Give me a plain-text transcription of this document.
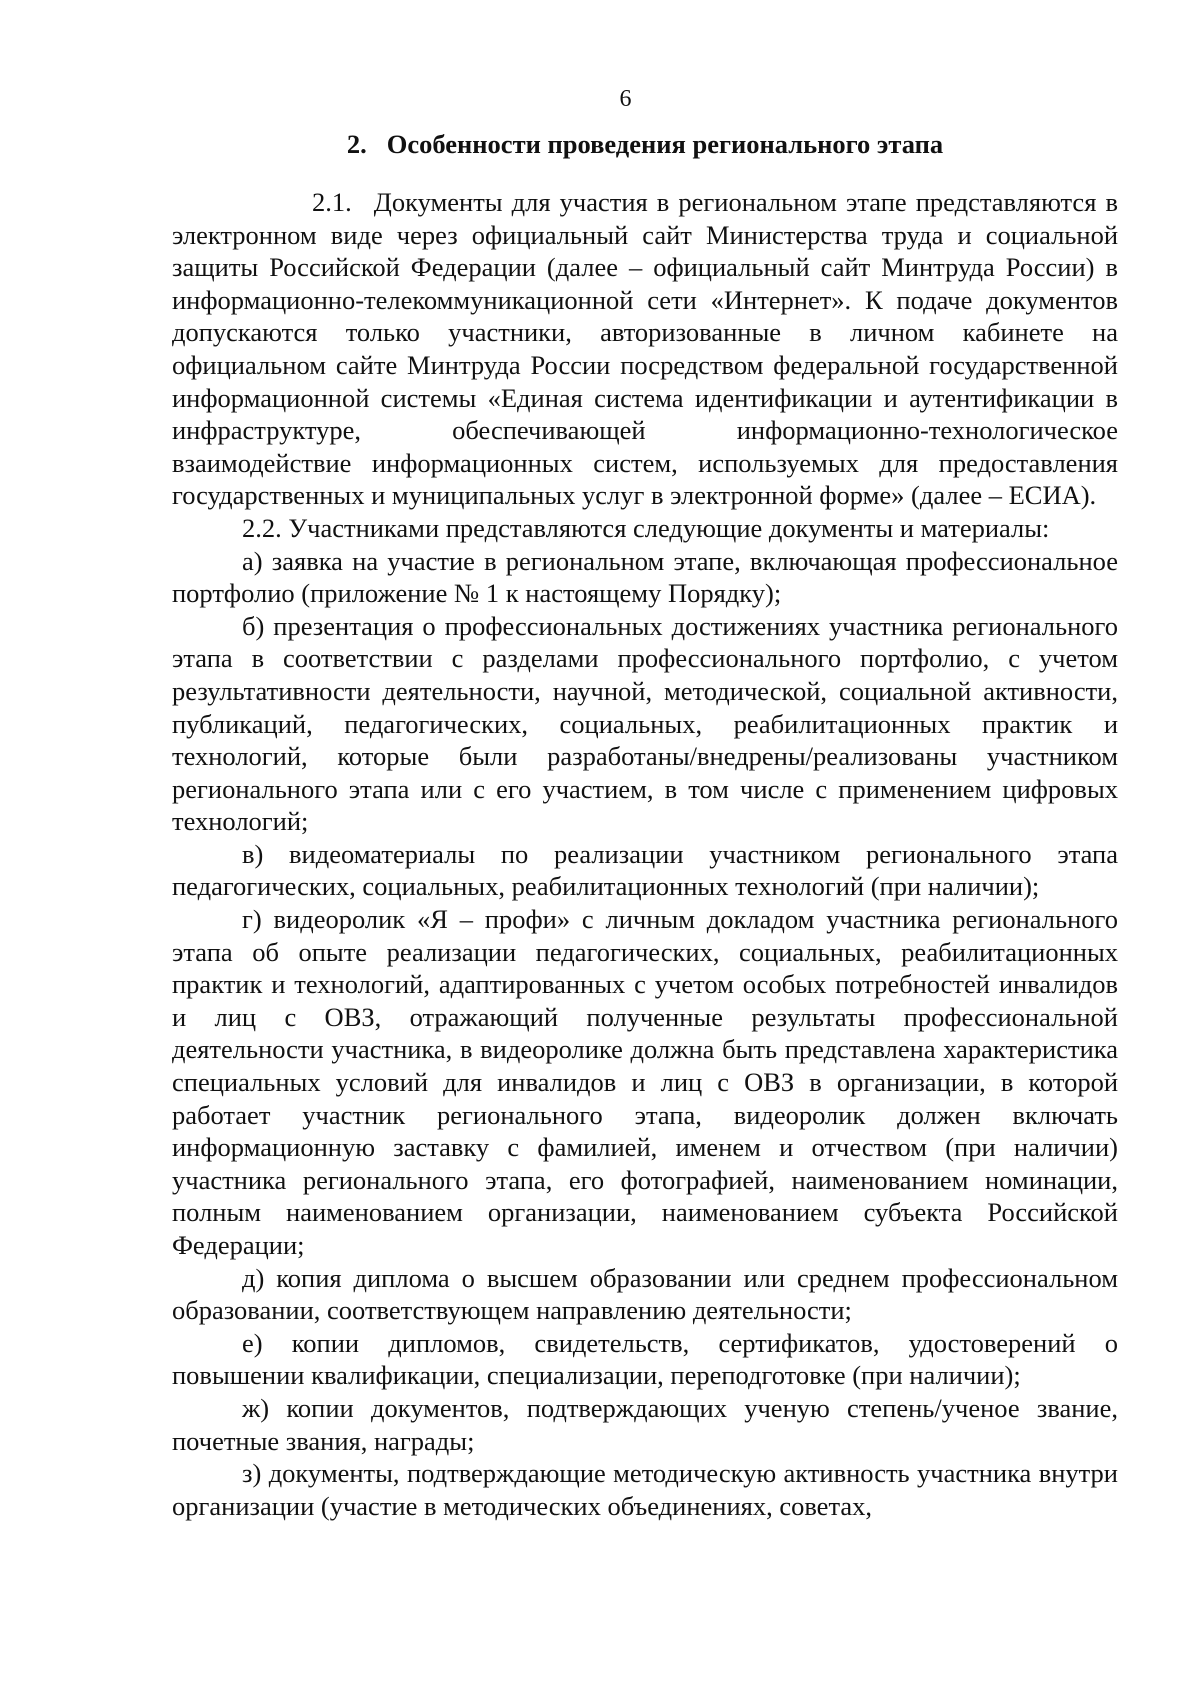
6
2. Особенности проведения регионального этапа

2.1. Документы для участия в региональном этапе представляются в электронном виде через официальный сайт Министерства труда и социальной защиты Российской Федерации (далее – официальный сайт Минтруда России) в информационно-телекоммуникационной сети «Интернет». К подаче документов допускаются только участники, авторизованные в личном кабинете на официальном сайте Минтруда России посредством федеральной государственной информационной системы «Единая система идентификации и аутентификации в инфраструктуре, обеспечивающей информационно-технологическое взаимодействие информационных систем, используемых для предоставления государственных и муниципальных услуг в электронной форме» (далее – ЕСИА).

2.2. Участниками представляются следующие документы и материалы:

а) заявка на участие в региональном этапе, включающая профессиональное портфолио (приложение № 1 к настоящему Порядку);

б) презентация о профессиональных достижениях участника регионального этапа в соответствии с разделами профессионального портфолио, с учетом результативности деятельности, научной, методической, социальной активности, публикаций, педагогических, социальных, реабилитационных практик и технологий, которые были разработаны/внедрены/реализованы участником регионального этапа или с его участием, в том числе с применением цифровых технологий;

в) видеоматериалы по реализации участником регионального этапа педагогических, социальных, реабилитационных технологий (при наличии);

г) видеоролик «Я – профи» с личным докладом участника регионального этапа об опыте реализации педагогических, социальных, реабилитационных практик и технологий, адаптированных с учетом особых потребностей инвалидов и лиц с ОВЗ, отражающий полученные результаты профессиональной деятельности участника, в видеоролике должна быть представлена характеристика специальных условий для инвалидов и лиц с ОВЗ в организации, в которой работает участник регионального этапа, видеоролик должен включать информационную заставку с фамилией, именем и отчеством (при наличии) участника регионального этапа, его фотографией, наименованием номинации, полным наименованием организации, наименованием субъекта Российской Федерации;

д) копия диплома о высшем образовании или среднем профессиональном образовании, соответствующем направлению деятельности;

е) копии дипломов, свидетельств, сертификатов, удостоверений о повышении квалификации, специализации, переподготовке (при наличии);

ж) копии документов, подтверждающих ученую степень/ученое звание, почетные звания, награды;

з) документы, подтверждающие методическую активность участника внутри организации (участие в методических объединениях, советах,
